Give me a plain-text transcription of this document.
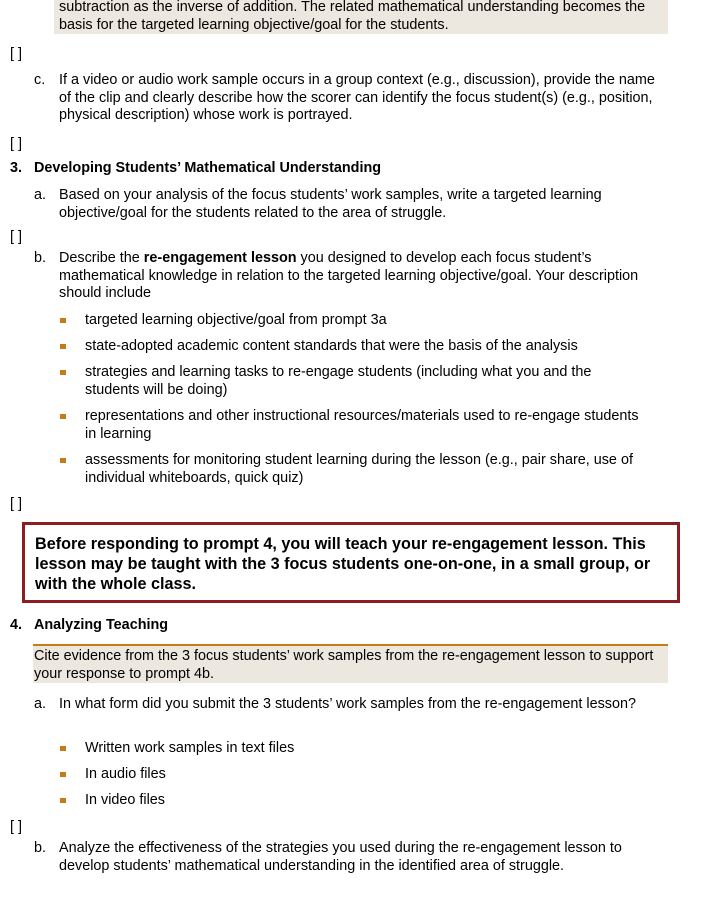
subtraction as the inverse of addition. The related mathematical understanding becomes the basis for the targeted learning objective/goal for the students.
[ ]
c. If a video or audio work sample occurs in a group context (e.g., discussion), provide the name of the clip and clearly describe how the scorer can identify the focus student(s) (e.g., position, physical description) whose work is portrayed.
[ ]
3. Developing Students’ Mathematical Understanding
a. Based on your analysis of the focus students’ work samples, write a targeted learning objective/goal for the students related to the area of struggle.
[ ]
b. Describe the re-engagement lesson you designed to develop each focus student’s mathematical knowledge in relation to the targeted learning objective/goal. Your description should include
targeted learning objective/goal from prompt 3a
state-adopted academic content standards that were the basis of the analysis
strategies and learning tasks to re-engage students (including what you and the students will be doing)
representations and other instructional resources/materials used to re-engage students in learning
assessments for monitoring student learning during the lesson (e.g., pair share, use of individual whiteboards, quick quiz)
[ ]
Before responding to prompt 4, you will teach your re-engagement lesson. This lesson may be taught with the 3 focus students one-on-one, in a small group, or with the whole class.
4. Analyzing Teaching
Cite evidence from the 3 focus students’ work samples from the re-engagement lesson to support your response to prompt 4b.
a. In what form did you submit the 3 students’ work samples from the re-engagement lesson?
Written work samples in text files
In audio files
In video files
[ ]
b. Analyze the effectiveness of the strategies you used during the re-engagement lesson to develop students’ mathematical understanding in the identified area of struggle.
